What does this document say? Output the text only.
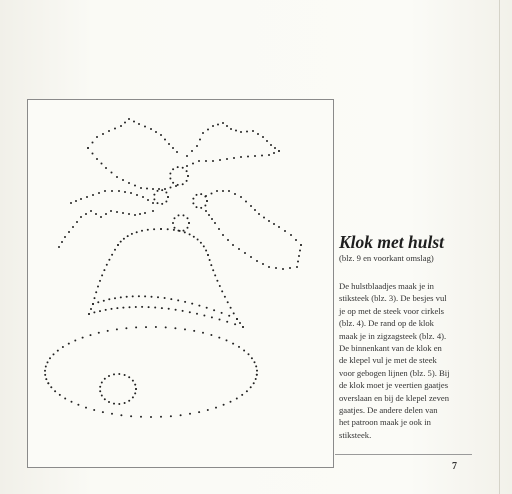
Klok met hulst
(blz. 9 en voorkant omslag)
De hulstblaadjes maak je in
stiksteek (blz. 3). De besjes vul
je op met de steek voor cirkels
(blz. 4). De rand op de klok
maak je in zigzagsteek (blz. 4).
De binnenkant van de klok en
de klepel vul je met de steek
voor gebogen lijnen (blz. 5). Bij
de klok moet je veertien gaatjes
overslaan en bij de klepel zeven
gaatjes. De andere delen van
het patroon maak je ook in
stiksteek.
7
